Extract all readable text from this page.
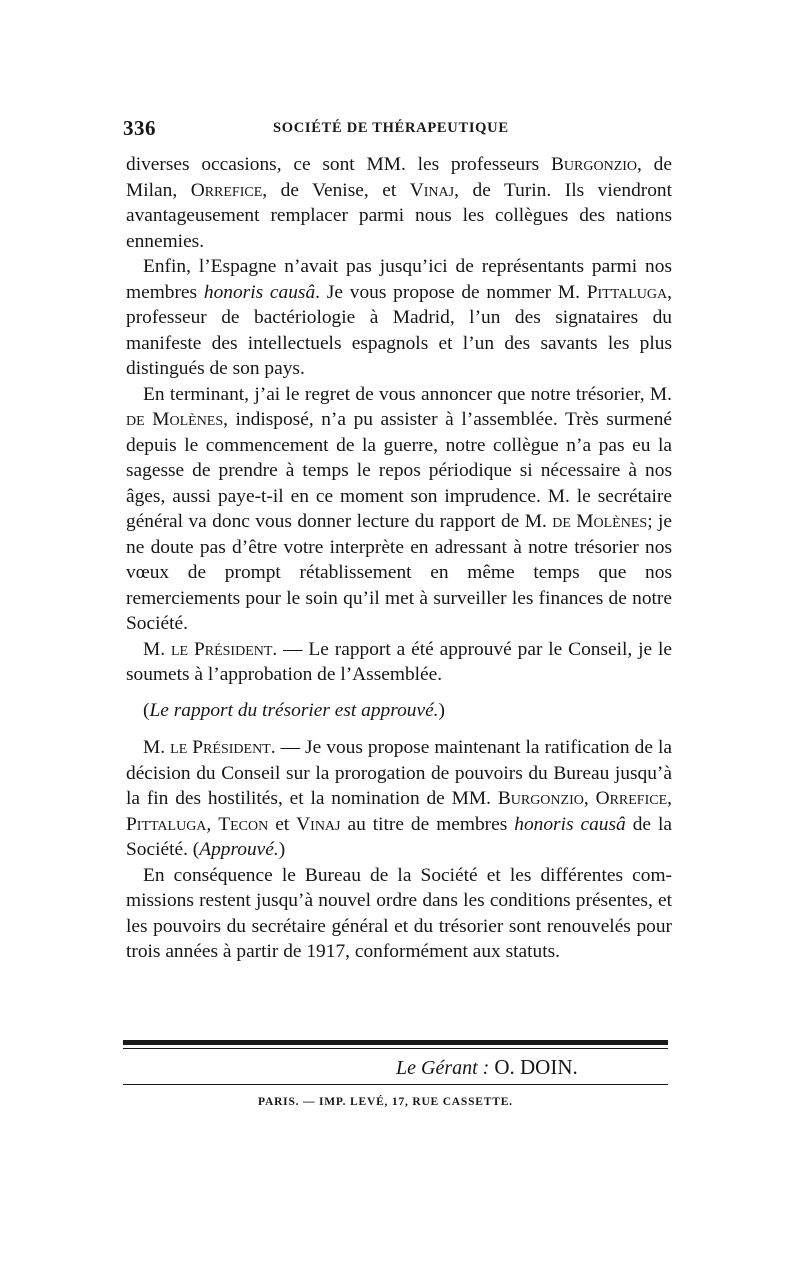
336	SOCIÉTÉ DE THÉRAPEUTIQUE

diverses occasions, ce sont MM. les professeurs Burgonzio, de Milan, Orrefice, de Venise, et Vinaj, de Turin. Ils viendront avantageusement remplacer parmi nous les collègues des nations ennemies.

Enfin, l’Espagne n’avait pas jusqu’ici de représentants parmi nos membres honoris causâ. Je vous propose de nommer M. Pittaluga, professeur de bactériologie à Madrid, l’un des signataires du manifeste des intellectuels espagnols et l’un des savants les plus distingués de son pays.

En terminant, j’ai le regret de vous annoncer que notre trésorier, M. de Molènes, indisposé, n’a pu assister à l’assemblée. Très surmené depuis le commencement de la guerre, notre collègue n’a pas eu la sagesse de prendre à temps le repos périodique si nécessaire à nos âges, aussi paye-t-il en ce moment son imprudence. M. le secrétaire général va donc vous donner lecture du rapport de M. de Molènes; je ne doute pas d’être votre interprète en adressant à notre trésorier nos vœux de prompt rétablissement en même temps que nos remerciements pour le soin qu’il met à surveiller les finances de notre Société.

M. le Président. — Le rapport a été approuvé par le Conseil, je le soumets à l’approbation de l’Assemblée.

(Le rapport du trésorier est approuvé.)

M. le Président. — Je vous propose maintenant la ratification de la décision du Conseil sur la prorogation de pouvoirs du Bureau jusqu’à la fin des hostilités, et la nomination de MM. Burgonzio, Orrefice, Pittaluga, Tecon et Vinaj au titre de membres honoris causâ de la Société. (Approuvé.)

En conséquence le Bureau de la Société et les différentes commissions restent jusqu’à nouvel ordre dans les conditions présentes, et les pouvoirs du secrétaire général et du trésorier sont renouvelés pour trois années à partir de 1917, conformément aux statuts.

Le Gérant : O. DOIN.
PARIS. — IMP. LEVÉ, 17, RUE CASSETTE.
